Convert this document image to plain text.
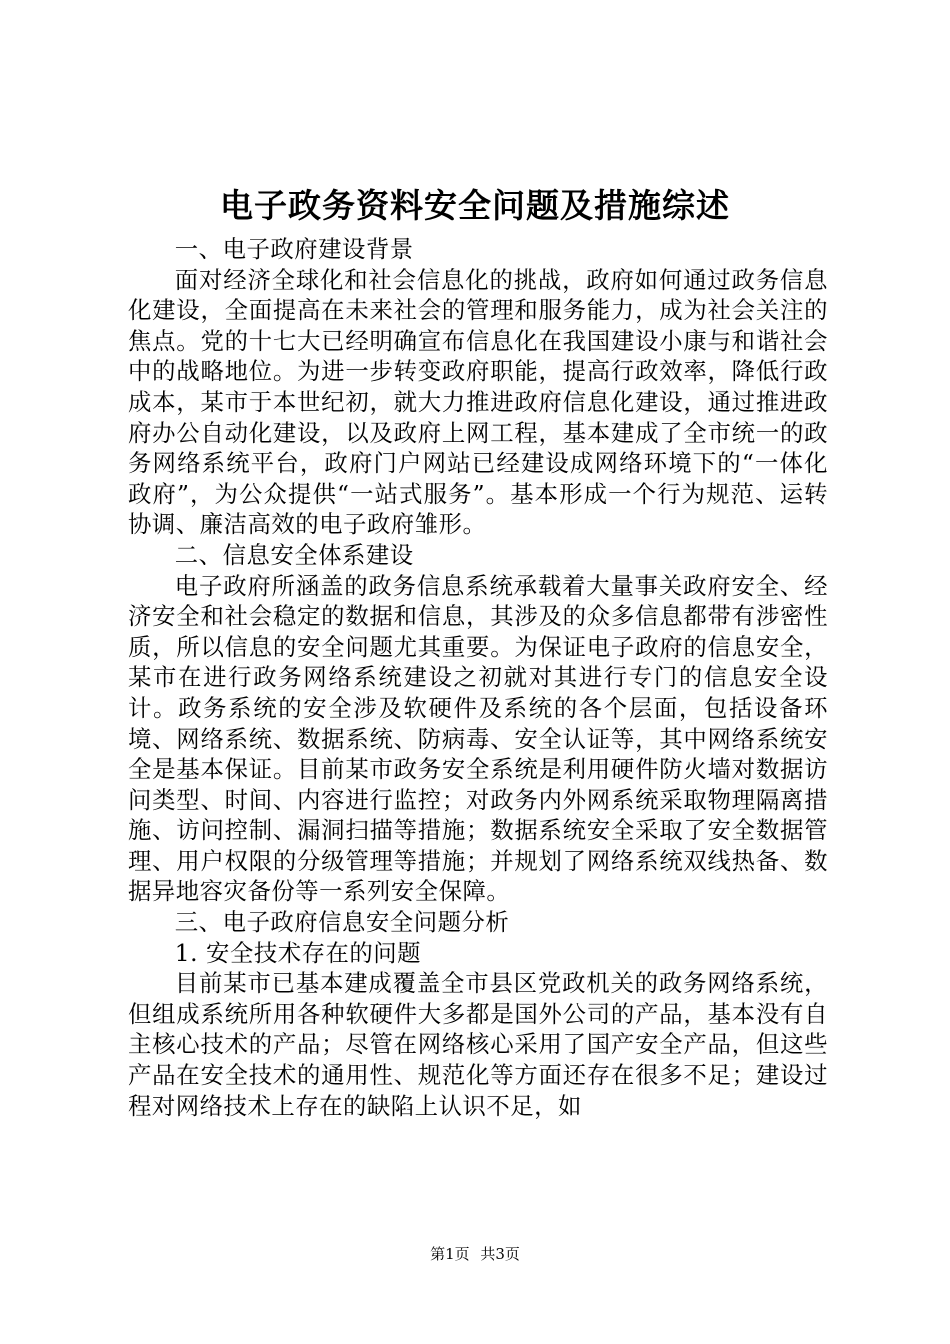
电子政务资料安全问题及措施综述

一、电子政府建设背景

面对经济全球化和社会信息化的挑战，政府如何通过政务信息化建设，全面提高在未来社会的管理和服务能力，成为社会关注的焦点。党的十七大已经明确宣布信息化在我国建设小康与和谐社会中的战略地位。为进一步转变政府职能，提高行政效率，降低行政成本，某市于本世纪初，就大力推进政府信息化建设，通过推进政府办公自动化建设，以及政府上网工程，基本建成了全市统一的政务网络系统平台，政府门户网站已经建设成网络环境下的“一体化政府”，为公众提供“一站式服务”。基本形成一个行为规范、运转协调、廉洁高效的电子政府雏形。

二、信息安全体系建设

电子政府所涵盖的政务信息系统承载着大量事关政府安全、经济安全和社会稳定的数据和信息，其涉及的众多信息都带有涉密性质，所以信息的安全问题尤其重要。为保证电子政府的信息安全，某市在进行政务网络系统建设之初就对其进行专门的信息安全设计。政务系统的安全涉及软硬件及系统的各个层面，包括设备环境、网络系统、数据系统、防病毒、安全认证等，其中网络系统安全是基本保证。目前某市政务安全系统是利用硬件防火墙对数据访问类型、时间、内容进行监控；对政务内外网系统采取物理隔离措施、访问控制、漏洞扫描等措施；数据系统安全采取了安全数据管理、用户权限的分级管理等措施；并规划了网络系统双线热备、数据异地容灾备份等一系列安全保障。

三、电子政府信息安全问题分析

1. 安全技术存在的问题

目前某市已基本建成覆盖全市县区党政机关的政务网络系统，但组成系统所用各种软硬件大多都是国外公司的产品，基本没有自主核心技术的产品；尽管在网络核心采用了国产安全产品，但这些产品在安全技术的通用性、规范化等方面还存在很多不足；建设过程对网络技术上存在的缺陷上认识不足，如

第1页 共3页
